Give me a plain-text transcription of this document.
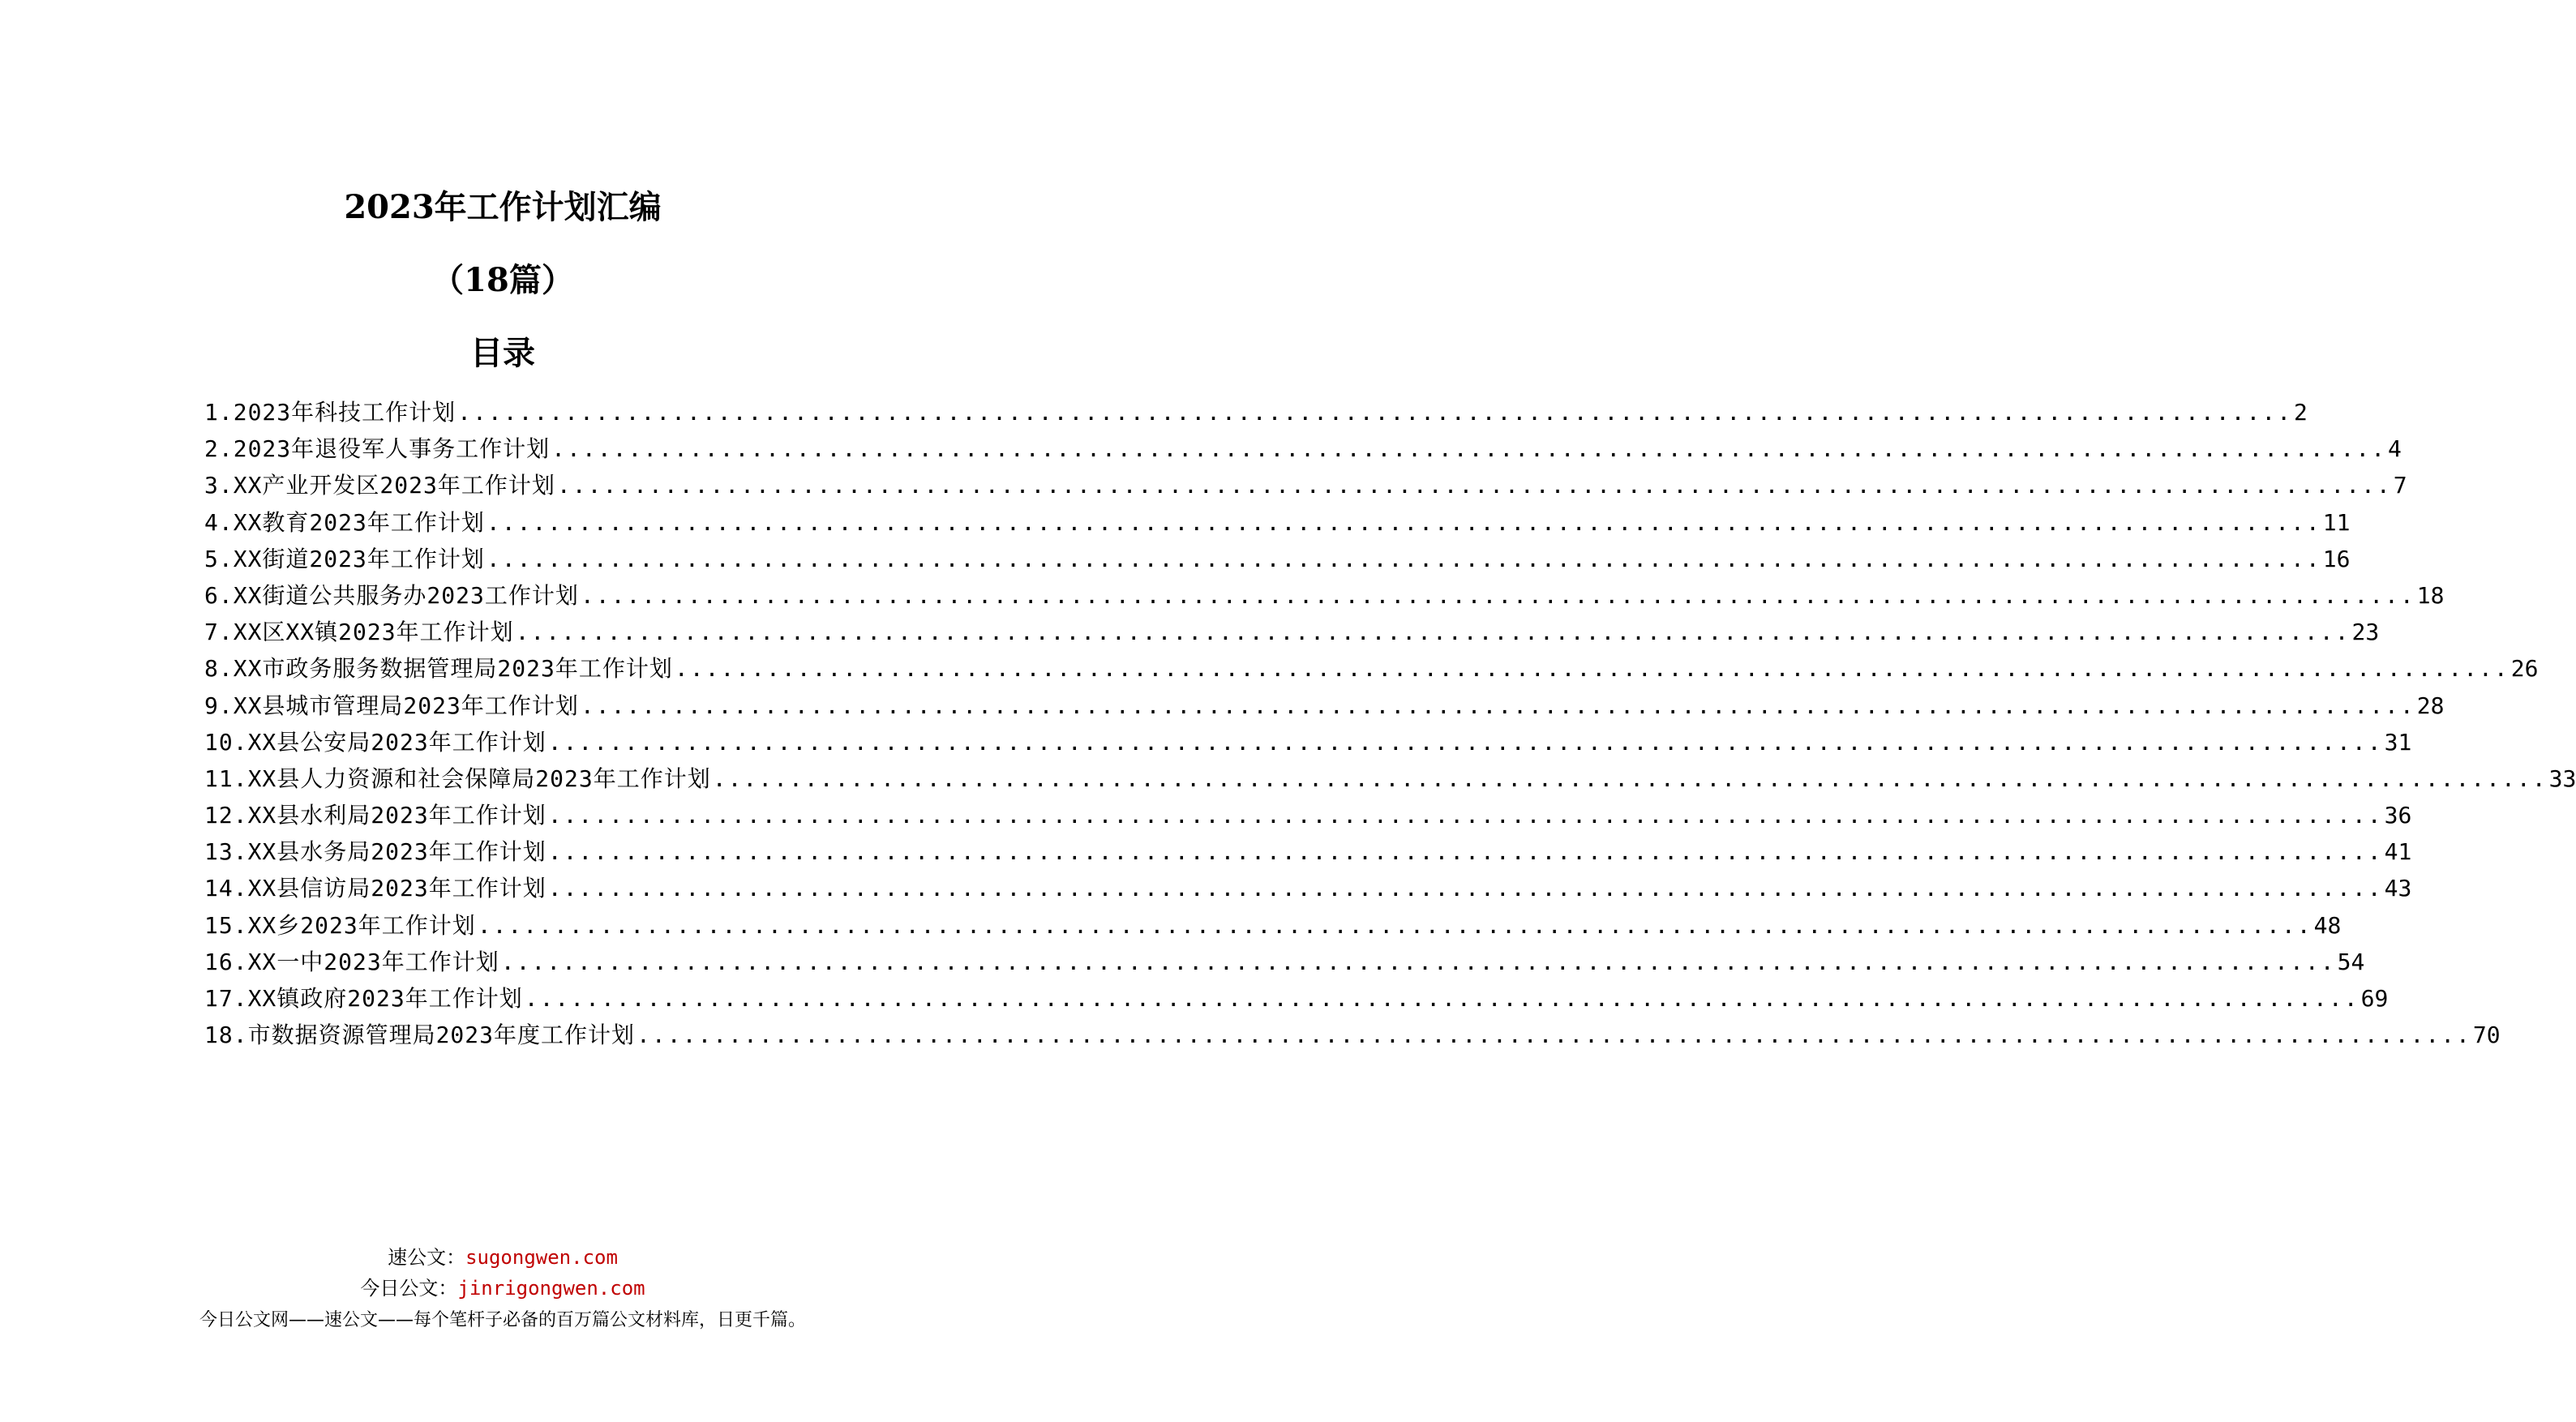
2023年工作计划汇编
（18篇）
目录
1.2023年科技工作计划 ........................................................................................................................ 2
2.2023年退役军人事务工作计划 ........................................................................................................................ 4
3.XX产业开发区2023年工作计划 ........................................................................................................................ 7
4.XX教育2023年工作计划 ........................................................................................................................ 11
5.XX街道2023年工作计划 ........................................................................................................................ 16
6.XX街道公共服务办2023工作计划 ........................................................................................................................ 18
7.XX区XX镇2023年工作计划 ........................................................................................................................ 23
8.XX市政务服务数据管理局2023年工作计划 ........................................................................................................................ 26
9.XX县城市管理局2023年工作计划 ........................................................................................................................ 28
10.XX县公安局2023年工作计划 ........................................................................................................................ 31
11.XX县人力资源和社会保障局2023年工作计划 ........................................................................................................................ 33
12.XX县水利局2023年工作计划 ........................................................................................................................ 36
13.XX县水务局2023年工作计划 ........................................................................................................................ 41
14.XX县信访局2023年工作计划 ........................................................................................................................ 43
15.XX乡2023年工作计划 ........................................................................................................................ 48
16.XX一中2023年工作计划 ........................................................................................................................ 54
17.XX镇政府2023年工作计划 ........................................................................................................................ 69
18.市数据资源管理局2023年度工作计划 ........................................................................................................................ 70
速公文：sugongwen.com
今日公文：jinrigongwen.com
今日公文网——速公文——每个笔杆子必备的百万篇公文材料库，日更千篇。
